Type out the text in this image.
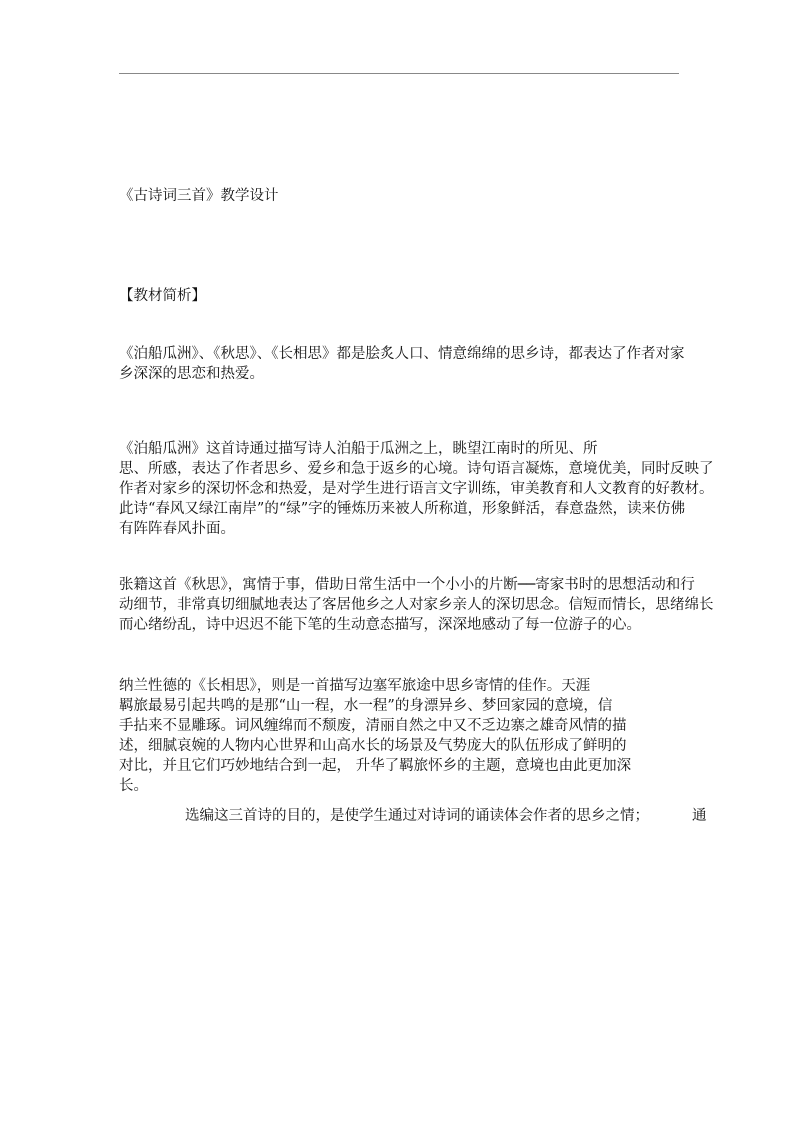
《古诗词三首》教学设计
【教材简析】
《泊船瓜洲》、《秋思》、《长相思》都是脍炙人口、情意绵绵的思乡诗，都表达了作者对家
乡深深的思恋和热爱。
《泊船瓜洲》这首诗通过描写诗人泊船于瓜洲之上，眺望江南时的所见、所
思、所感，表达了作者思乡、爱乡和急于返乡的心境。诗句语言凝炼，意境优美，同时反映了
作者对家乡的深切怀念和热爱，是对学生进行语言文字训练，审美教育和人文教育的好教材。
此诗“春风又绿江南岸”的“绿”字的锤炼历来被人所称道，形象鲜活，春意盎然，读来仿佛
有阵阵春风扑面。
张籍这首《秋思》，寓情于事，借助日常生活中一个小小的片断──寄家书时的思想活动和行
动细节，非常真切细腻地表达了客居他乡之人对家乡亲人的深切思念。信短而情长，思绪绵长
而心绪纷乱，诗中迟迟不能下笔的生动意态描写，深深地感动了每一位游子的心。
纳兰性德的《长相思》，则是一首描写边塞军旅途中思乡寄情的佳作。天涯
羁旅最易引起共鸣的是那“山一程，水一程”的身漂异乡、梦回家园的意境，信
手拈来不显雕琢。词风缠绵而不颓废，清丽自然之中又不乏边寨之雄奇风情的描
述，细腻哀婉的人物内心世界和山高水长的场景及气势庞大的队伍形成了鲜明的
对比，并且它们巧妙地结合到一起， 升华了羁旅怀乡的主题，意境也由此更加深
长。
选编这三首诗的目的，是使学生通过对诗词的诵读体会作者的思乡之情；	通
